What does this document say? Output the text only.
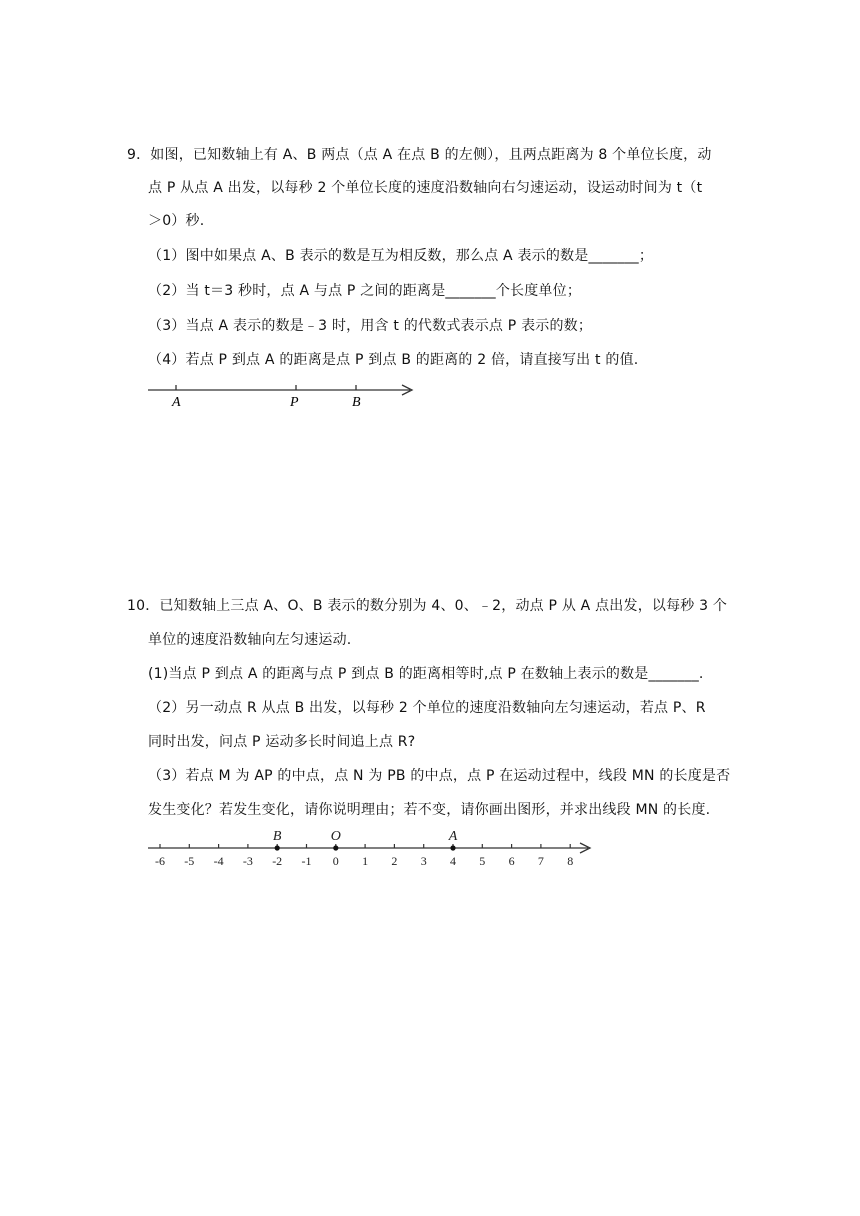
9．如图，已知数轴上有 A、B 两点（点 A 在点 B 的左侧），且两点距离为 8 个单位长度，动
点 P 从点 A 出发，以每秒 2 个单位长度的速度沿数轴向右匀速运动，设运动时间为 t（t
＞0）秒.
（1）图中如果点 A、B 表示的数是互为相反数，那么点 A 表示的数是_______；
（2）当 t＝3 秒时，点 A 与点 P 之间的距离是_______个长度单位；
（3）当点 A 表示的数是﹣3 时，用含 t 的代数式表示点 P 表示的数；
（4）若点 P 到点 A 的距离是点 P 到点 B 的距离的 2 倍，请直接写出 t 的值.
A	P	B
10．已知数轴上三点 A、O、B 表示的数分别为 4、0、﹣2，动点 P 从 A 点出发，以每秒 3 个
单位的速度沿数轴向左匀速运动.
(1)当点 P 到点 A 的距离与点 P 到点 B 的距离相等时,点 P 在数轴上表示的数是_______.
（2）另一动点 R 从点 B 出发，以每秒 2 个单位的速度沿数轴向左匀速运动，若点 P、R
同时出发，问点 P 运动多长时间追上点 R?
（3）若点 M 为 AP 的中点，点 N 为 PB 的中点，点 P 在运动过程中，线段 MN 的长度是否
发生变化？若发生变化，请你说明理由；若不变，请你画出图形，并求出线段 MN 的长度.
-6 -5 -4 -3 -2 -1 0 1 2 3 4 5 6 7 8
B	O	A
